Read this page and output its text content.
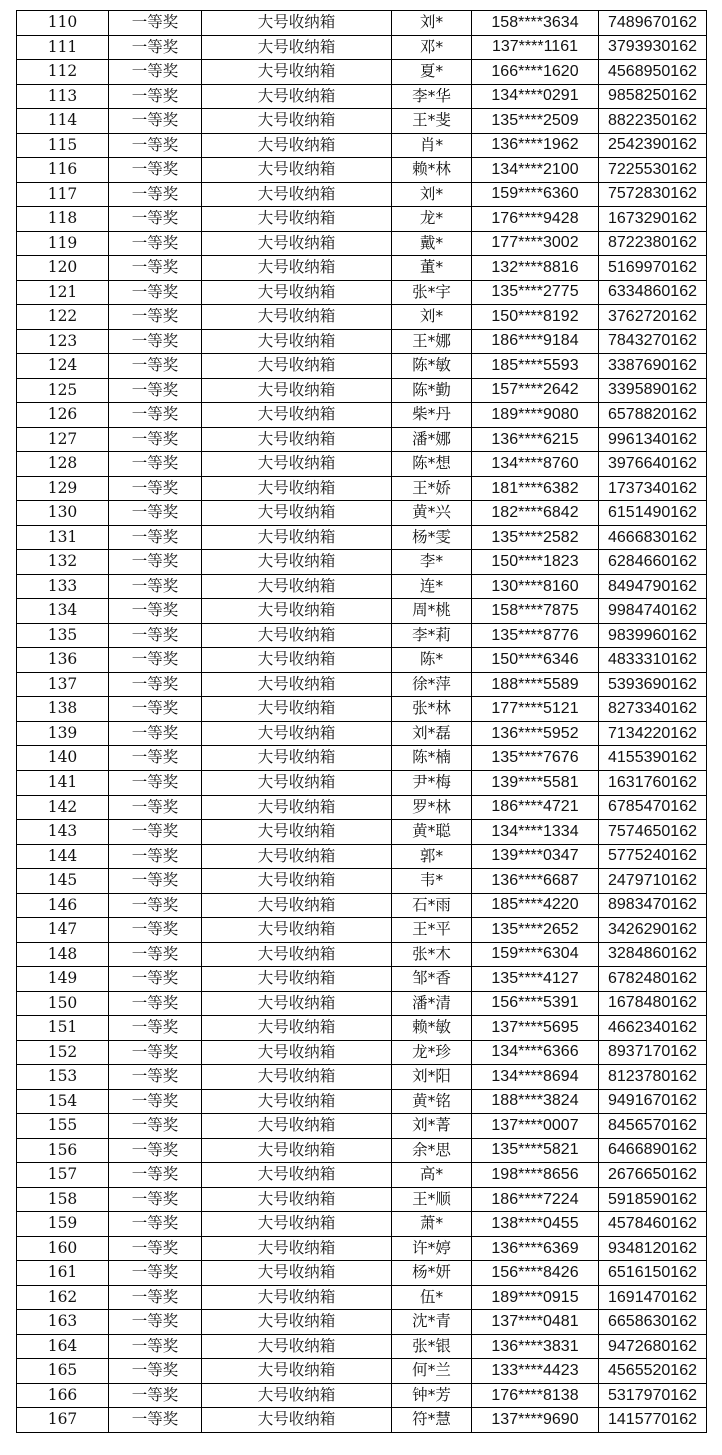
110	一等奖	大号收纳箱	刘*	158****3634	7489670162
111	一等奖	大号收纳箱	邓*	137****1161	3793930162
112	一等奖	大号收纳箱	夏*	166****1620	4568950162
113	一等奖	大号收纳箱	李*华	134****0291	9858250162
114	一等奖	大号收纳箱	王*斐	135****2509	8822350162
115	一等奖	大号收纳箱	肖*	136****1962	2542390162
116	一等奖	大号收纳箱	赖*林	134****2100	7225530162
117	一等奖	大号收纳箱	刘*	159****6360	7572830162
118	一等奖	大号收纳箱	龙*	176****9428	1673290162
119	一等奖	大号收纳箱	戴*	177****3002	8722380162
120	一等奖	大号收纳箱	董*	132****8816	5169970162
121	一等奖	大号收纳箱	张*宇	135****2775	6334860162
122	一等奖	大号收纳箱	刘*	150****8192	3762720162
123	一等奖	大号收纳箱	王*娜	186****9184	7843270162
124	一等奖	大号收纳箱	陈*敏	185****5593	3387690162
125	一等奖	大号收纳箱	陈*勤	157****2642	3395890162
126	一等奖	大号收纳箱	柴*丹	189****9080	6578820162
127	一等奖	大号收纳箱	潘*娜	136****6215	9961340162
128	一等奖	大号收纳箱	陈*想	134****8760	3976640162
129	一等奖	大号收纳箱	王*娇	181****6382	1737340162
130	一等奖	大号收纳箱	黄*兴	182****6842	6151490162
131	一等奖	大号收纳箱	杨*雯	135****2582	4666830162
132	一等奖	大号收纳箱	李*	150****1823	6284660162
133	一等奖	大号收纳箱	连*	130****8160	8494790162
134	一等奖	大号收纳箱	周*桃	158****7875	9984740162
135	一等奖	大号收纳箱	李*莉	135****8776	9839960162
136	一等奖	大号收纳箱	陈*	150****6346	4833310162
137	一等奖	大号收纳箱	徐*萍	188****5589	5393690162
138	一等奖	大号收纳箱	张*林	177****5121	8273340162
139	一等奖	大号收纳箱	刘*磊	136****5952	7134220162
140	一等奖	大号收纳箱	陈*楠	135****7676	4155390162
141	一等奖	大号收纳箱	尹*梅	139****5581	1631760162
142	一等奖	大号收纳箱	罗*林	186****4721	6785470162
143	一等奖	大号收纳箱	黄*聪	134****1334	7574650162
144	一等奖	大号收纳箱	郭*	139****0347	5775240162
145	一等奖	大号收纳箱	韦*	136****6687	2479710162
146	一等奖	大号收纳箱	石*雨	185****4220	8983470162
147	一等奖	大号收纳箱	王*平	135****2652	3426290162
148	一等奖	大号收纳箱	张*木	159****6304	3284860162
149	一等奖	大号收纳箱	邹*香	135****4127	6782480162
150	一等奖	大号收纳箱	潘*清	156****5391	1678480162
151	一等奖	大号收纳箱	赖*敏	137****5695	4662340162
152	一等奖	大号收纳箱	龙*珍	134****6366	8937170162
153	一等奖	大号收纳箱	刘*阳	134****8694	8123780162
154	一等奖	大号收纳箱	黄*铭	188****3824	9491670162
155	一等奖	大号收纳箱	刘*菁	137****0007	8456570162
156	一等奖	大号收纳箱	余*思	135****5821	6466890162
157	一等奖	大号收纳箱	高*	198****8656	2676650162
158	一等奖	大号收纳箱	王*顺	186****7224	5918590162
159	一等奖	大号收纳箱	萧*	138****0455	4578460162
160	一等奖	大号收纳箱	许*婷	136****6369	9348120162
161	一等奖	大号收纳箱	杨*妍	156****8426	6516150162
162	一等奖	大号收纳箱	伍*	189****0915	1691470162
163	一等奖	大号收纳箱	沈*青	137****0481	6658630162
164	一等奖	大号收纳箱	张*银	136****3831	9472680162
165	一等奖	大号收纳箱	何*兰	133****4423	4565520162
166	一等奖	大号收纳箱	钟*芳	176****8138	5317970162
167	一等奖	大号收纳箱	符*慧	137****9690	1415770162
